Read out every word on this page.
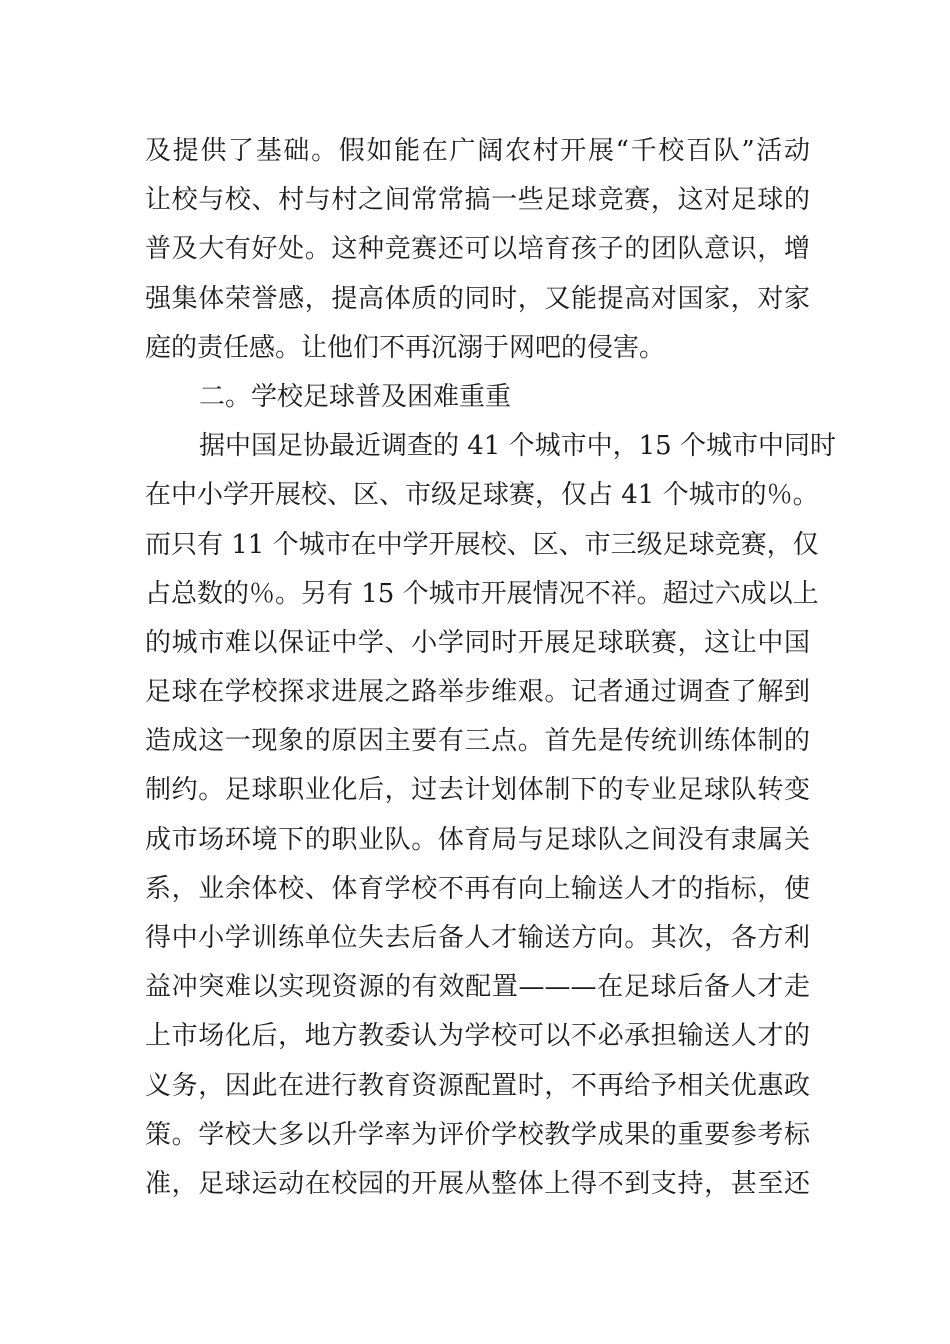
及提供了基础。假如能在广阔农村开展“千校百队”活动
让校与校、村与村之间常常搞一些足球竞赛，这对足球的
普及大有好处。这种竞赛还可以培育孩子的团队意识，增
强集体荣誉感，提高体质的同时，又能提高对国家，对家
庭的责任感。让他们不再沉溺于网吧的侵害。
二。学校足球普及困难重重
据中国足协最近调查的 41 个城市中，15 个城市中同时
在中小学开展校、区、市级足球赛，仅占 41 个城市的％。
而只有 11 个城市在中学开展校、区、市三级足球竞赛，仅
占总数的％。另有 15 个城市开展情况不祥。超过六成以上
的城市难以保证中学、小学同时开展足球联赛，这让中国
足球在学校探求进展之路举步维艰。记者通过调查了解到
造成这一现象的原因主要有三点。首先是传统训练体制的
制约。足球职业化后，过去计划体制下的专业足球队转变
成市场环境下的职业队。体育局与足球队之间没有隶属关
系，业余体校、体育学校不再有向上输送人才的指标，使
得中小学训练单位失去后备人才输送方向。其次，各方利
益冲突难以实现资源的有效配置———在足球后备人才走
上市场化后，地方教委认为学校可以不必承担输送人才的
义务，因此在进行教育资源配置时，不再给予相关优惠政
策。学校大多以升学率为评价学校教学成果的重要参考标
准，足球运动在校园的开展从整体上得不到支持，甚至还
